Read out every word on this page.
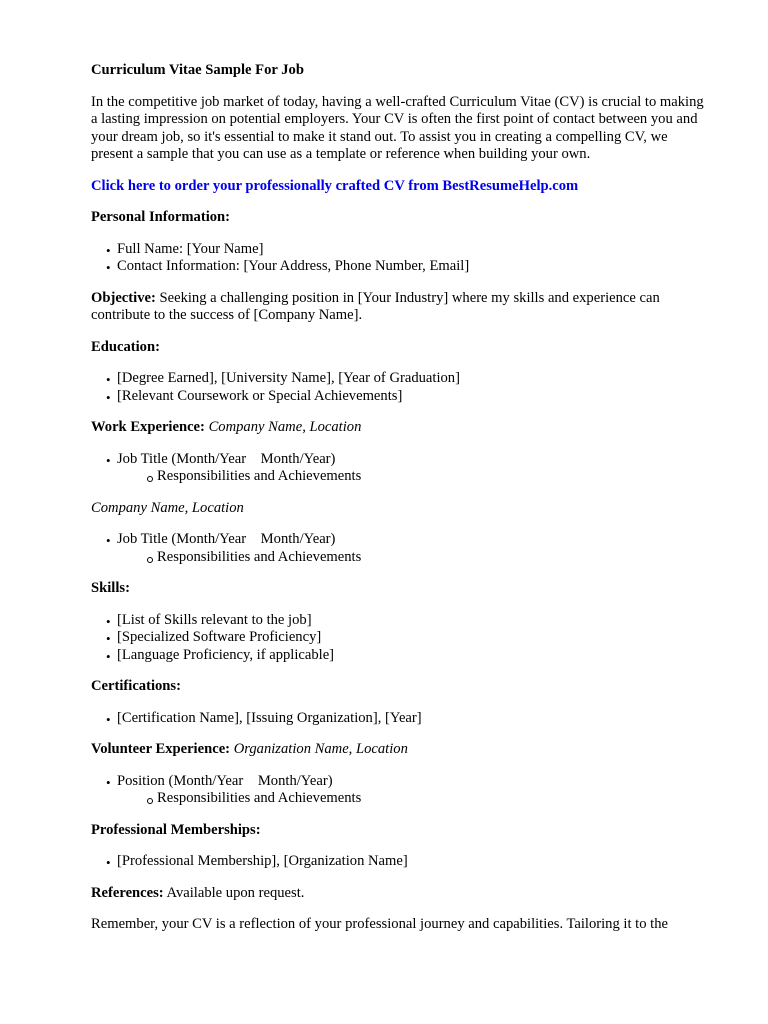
Curriculum Vitae Sample For Job

In the competitive job market of today, having a well-crafted Curriculum Vitae (CV) is crucial to making a lasting impression on potential employers. Your CV is often the first point of contact between you and your dream job, so it's essential to make it stand out. To assist you in creating a compelling CV, we present a sample that you can use as a template or reference when building your own.

Click here to order your professionally crafted CV from BestResumeHelp.com
Personal Information:
• Full Name: [Your Name]
• Contact Information: [Your Address, Phone Number, Email]

Objective: Seeking a challenging position in [Your Industry] where my skills and experience can contribute to the success of [Company Name].

Education:
• [Degree Earned], [University Name], [Year of Graduation]
• [Relevant Coursework or Special Achievements]
Work Experience: Company Name, Location
• Job Title (Month/Year    Month/Year)
Responsibilities and Achievements
Company Name, Location
• Job Title (Month/Year    Month/Year)
Responsibilities and Achievements
Skills:
• [List of Skills relevant to the job]
• [Specialized Software Proficiency]
• [Language Proficiency, if applicable]
Certifications:
• [Certification Name], [Issuing Organization], [Year]
Volunteer Experience: Organization Name, Location
• Position (Month/Year    Month/Year)
Responsibilities and Achievements
Professional Memberships:
• [Professional Membership], [Organization Name]

References: Available upon request.

Remember, your CV is a reflection of your professional journey and capabilities. Tailoring it to the
